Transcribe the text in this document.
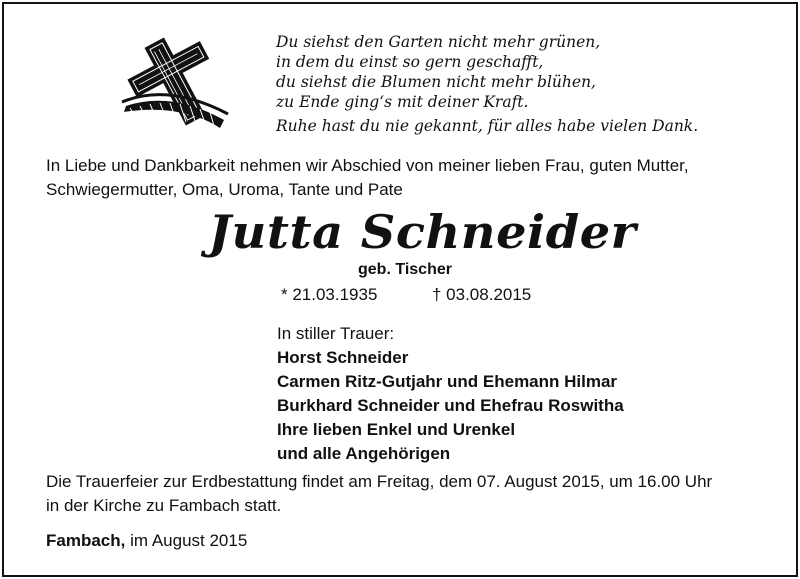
Du siehst den Garten nicht mehr grünen,
in dem du einst so gern geschafft,
du siehst die Blumen nicht mehr blühen,
zu Ende ging‘s mit deiner Kraft.
Ruhe hast du nie gekannt, für alles habe vielen Dank.
In Liebe und Dankbarkeit nehmen wir Abschied von meiner lieben Frau, guten Mutter,
Schwiegermutter, Oma, Uroma, Tante und Pate
Jutta Schneider
geb. Tischer
* 21.03.1935	† 03.08.2015
In stiller Trauer:
Horst Schneider
Carmen Ritz-Gutjahr und Ehemann Hilmar
Burkhard Schneider und Ehefrau Roswitha
Ihre lieben Enkel und Urenkel
und alle Angehörigen
Die Trauerfeier zur Erdbestattung findet am Freitag, dem 07. August 2015, um 16.00 Uhr
in der Kirche zu Fambach statt.
Fambach, im August 2015
